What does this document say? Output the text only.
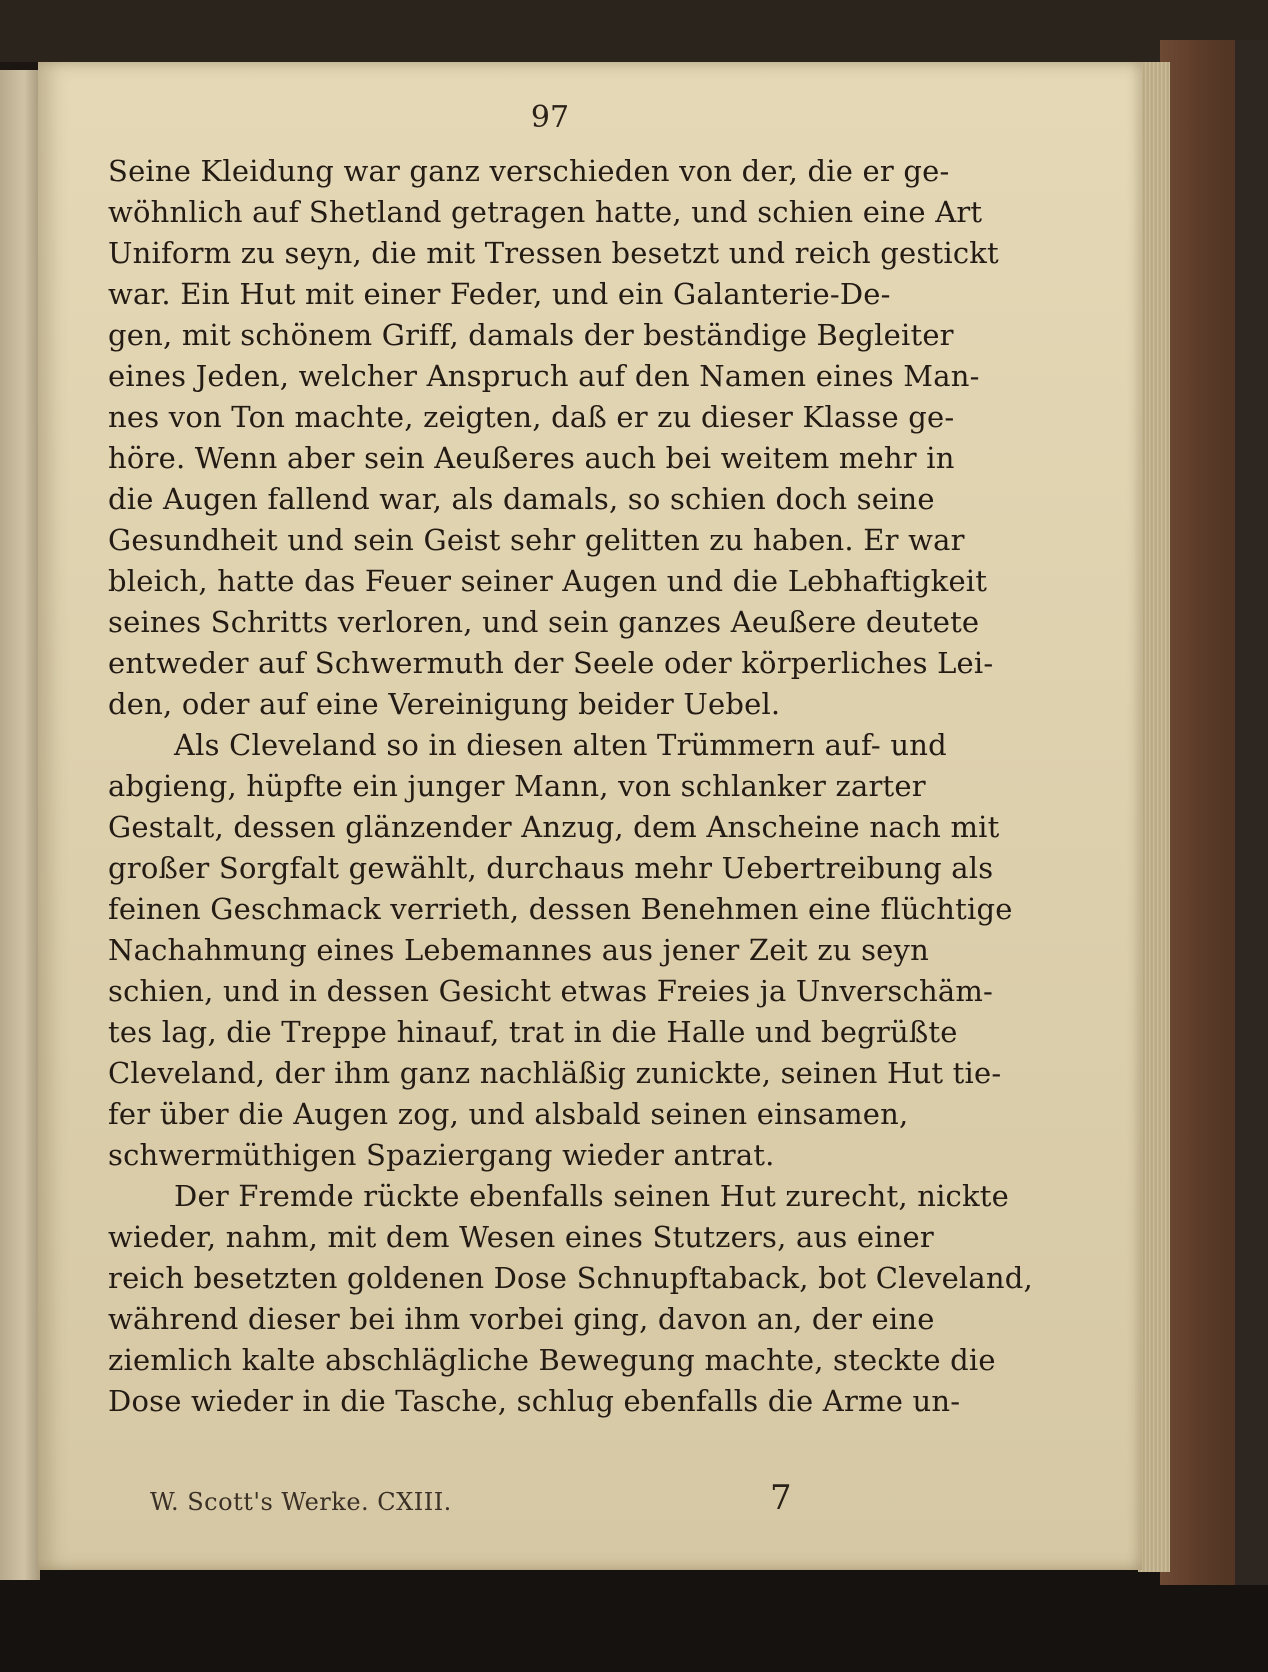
97
Seine Kleidung war ganz verschieden von der, die er ge-
wöhnlich auf Shetland getragen hatte, und schien eine Art
Uniform zu seyn, die mit Tressen besetzt und reich gestickt
war. Ein Hut mit einer Feder, und ein Galanterie-De-
gen, mit schönem Griff, damals der beständige Begleiter
eines Jeden, welcher Anspruch auf den Namen eines Man-
nes von Ton machte, zeigten, daß er zu dieser Klasse ge-
höre. Wenn aber sein Aeußeres auch bei weitem mehr in
die Augen fallend war, als damals, so schien doch seine
Gesundheit und sein Geist sehr gelitten zu haben. Er war
bleich, hatte das Feuer seiner Augen und die Lebhaftigkeit
seines Schritts verloren, und sein ganzes Aeußere deutete
entweder auf Schwermuth der Seele oder körperliches Lei-
den, oder auf eine Vereinigung beider Uebel.
Als Cleveland so in diesen alten Trümmern auf- und
abgieng, hüpfte ein junger Mann, von schlanker zarter
Gestalt, dessen glänzender Anzug, dem Anscheine nach mit
großer Sorgfalt gewählt, durchaus mehr Uebertreibung als
feinen Geschmack verrieth, dessen Benehmen eine flüchtige
Nachahmung eines Lebemannes aus jener Zeit zu seyn
schien, und in dessen Gesicht etwas Freies ja Unverschäm-
tes lag, die Treppe hinauf, trat in die Halle und begrüßte
Cleveland, der ihm ganz nachläßig zunickte, seinen Hut tie-
fer über die Augen zog, und alsbald seinen einsamen,
schwermüthigen Spaziergang wieder antrat.
Der Fremde rückte ebenfalls seinen Hut zurecht, nickte
wieder, nahm, mit dem Wesen eines Stutzers, aus einer
reich besetzten goldenen Dose Schnupftaback, bot Cleveland,
während dieser bei ihm vorbei ging, davon an, der eine
ziemlich kalte abschlägliche Bewegung machte, steckte die
Dose wieder in die Tasche, schlug ebenfalls die Arme un-
W. Scott's Werke. CXIII.	7
